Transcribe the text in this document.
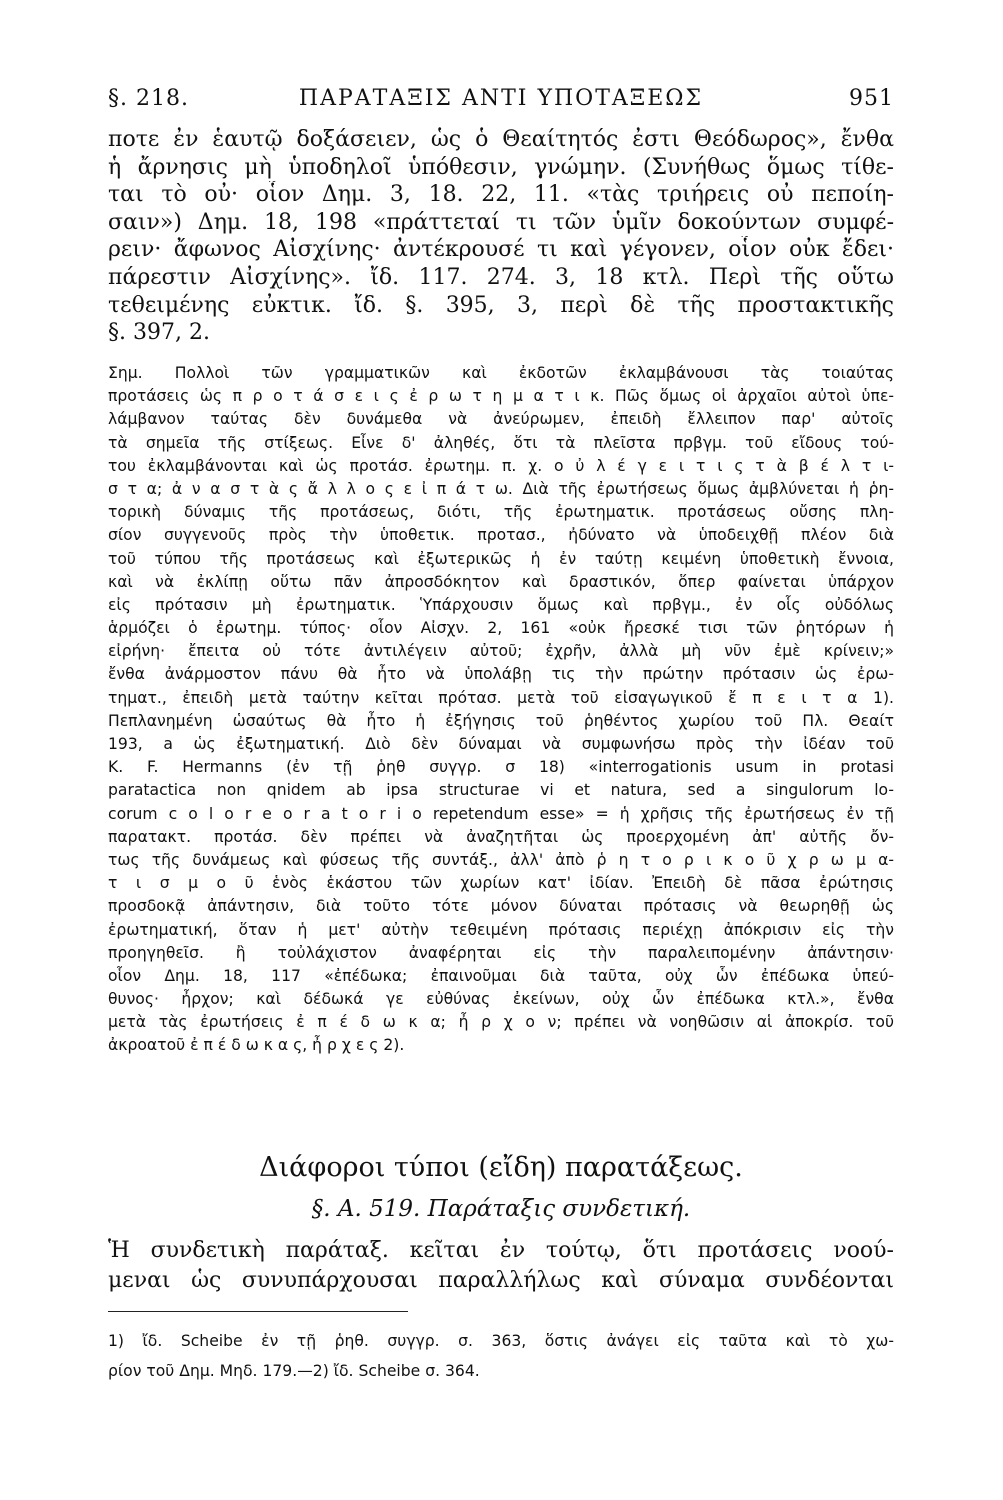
§. 218.	ΠΑΡΑΤΑΞΙΣ ΑΝΤΙ ΥΠΟΤΑΞΕΩΣ	951
ποτε ἐν ἑαυτῷ δοξάσειεν, ὡς ὁ Θεαίτητός ἐστι Θεόδωρος», ἔνθα
ἡ ἄρνησις μὴ ὑποδηλοῖ ὑπόθεσιν, γνώμην. (Συνήθως ὅμως τίθε-
ται τὸ οὐ· οἷον Δημ. 3, 18. 22, 11. «τὰς τριήρεις οὐ πεποίη-
σαιν») Δημ. 18, 198 «πράττεταί τι τῶν ὑμῖν δοκούντων συμφέ-
ρειν· ἄφωνος Αἰσχίνης· ἀντέκρουσέ τι καὶ γέγονεν, οἷον οὐκ ἔδει·
πάρεστιν Αἰσχίνης». ἴδ. 117. 274. 3, 18 κτλ. Περὶ τῆς οὕτω
τεθειμένης εὐκτικ. ἴδ. §. 395, 3, περὶ δὲ τῆς προστακτικῆς
§. 397, 2.
Σημ. Πολλοὶ τῶν γραμματικῶν καὶ ἐκδοτῶν ἐκλαμβάνουσι τὰς τοιαύτας
προτάσεις ὡς π ρ ο τ ά σ ε ι ς ἐ ρ ω τ η μ α τ ι κ. Πῶς ὅμως οἱ ἀρχαῖοι αὐτοὶ ὑπε-
λάμβανον ταύτας δὲν δυνάμεθα νὰ ἀνεύρωμεν, ἐπειδὴ ἔλλειπον παρ' αὐτοῖς
τὰ σημεῖα τῆς στίξεως. Εἶνε δ' ἀληθές, ὅτι τὰ πλεῖστα πρβγμ. τοῦ εἴδους τού-
του ἐκλαμβάνονται καὶ ὡς προτάσ. ἐρωτημ. π. χ. ο ὐ λ έ γ ε ι τ ι ς τ ὰ β έ λ τ ι-
σ τ α; ἀ ν α σ τ ὰ ς ἄ λ λ ο ς ε ἰ π ά τ ω. Διὰ τῆς ἐρωτήσεως ὅμως ἀμβλύνεται ἡ ῥη-
τορικὴ δύναμις τῆς προτάσεως, διότι, τῆς ἐρωτηματικ. προτάσεως οὔσης πλη-
σίον συγγενοῦς πρὸς τὴν ὑποθετικ. προτασ., ἠδύνατο νὰ ὑποδειχθῇ πλέον διὰ
τοῦ τύπου τῆς προτάσεως καὶ ἐξωτερικῶς ἡ ἐν ταύτῃ κειμένη ὑποθετικὴ ἔννοια,
καὶ νὰ ἐκλίπῃ οὕτω πᾶν ἀπροσδόκητον καὶ δραστικόν, ὅπερ φαίνεται ὑπάρχον
εἰς πρότασιν μὴ ἐρωτηματικ. Ὑπάρχουσιν ὅμως καὶ πρβγμ., ἐν οἷς οὐδόλως
ἁρμόζει ὁ ἐρωτημ. τύπος· οἷον Αἰσχν. 2, 161 «οὐκ ἤρεσκέ τισι τῶν ῥητόρων ἡ
εἰρήνη· ἔπειτα οὐ τότε ἀντιλέγειν αὐτοῦ; ἐχρῆν, ἀλλὰ μὴ νῦν ἐμὲ κρίνειν;»
ἔνθα ἀνάρμοστον πάνυ θὰ ἦτο νὰ ὑπολάβῃ τις τὴν πρώτην πρότασιν ὡς ἐρω-
τηματ., ἐπειδὴ μετὰ ταύτην κεῖται πρότασ. μετὰ τοῦ εἰσαγωγικοῦ ἔ π ε ι τ α 1).
Πεπλανημένη ὡσαύτως θὰ ἦτο ἡ ἐξήγησις τοῦ ῥηθέντος χωρίου τοῦ Πλ. Θεαίτ
193, a ὡς ἐξωτηματική. Διὸ δὲν δύναμαι νὰ συμφωνήσω πρὸς τὴν ἰδέαν τοῦ
K. F. Hermanns (ἐν τῇ ῥηθ συγγρ. σ 18) «interrogationis usum in protasi
paratactica non qnidem ab ipsa structurae vi et natura, sed a singulorum lo-
corum c o l o r e o r a t o r i o repetendum esse» = ἡ χρῆσις τῆς ἐρωτήσεως ἐν τῇ
παρατακτ. προτάσ. δὲν πρέπει νὰ ἀναζητῆται ὡς προερχομένη ἀπ' αὐτῆς ὄν-
τως τῆς δυνάμεως καὶ φύσεως τῆς συντάξ., ἀλλ' ἀπὸ ῥ η τ ο ρ ι κ ο ῦ χ ρ ω μ α-
τ ι σ μ ο ῦ ἑνὸς ἑκάστου τῶν χωρίων κατ' ἰδίαν. Ἐπειδὴ δὲ πᾶσα ἐρώτησις
προσδοκᾷ ἀπάντησιν, διὰ τοῦτο τότε μόνον δύναται πρότασις νὰ θεωρηθῇ ὡς
ἐρωτηματική, ὅταν ἡ μετ' αὐτὴν τεθειμένη πρότασις περιέχῃ ἀπόκρισιν εἰς τὴν
προηγηθεῖσ. ἢ τοὐλάχιστον ἀναφέρηται εἰς τὴν παραλειπομένην ἀπάντησιν·
οἷον Δημ. 18, 117 «ἐπέδωκα; ἐπαινοῦμαι διὰ ταῦτα, οὐχ ὧν ἐπέδωκα ὑπεύ-
θυνος· ἦρχον; καὶ δέδωκά γε εὐθύνας ἐκείνων, οὐχ ὧν ἐπέδωκα κτλ.», ἔνθα
μετὰ τὰς ἐρωτήσεις ἐ π έ δ ω κ α; ἦ ρ χ ο ν; πρέπει νὰ νοηθῶσιν αἱ ἀποκρίσ. τοῦ
ἀκροατοῦ ἐ π έ δ ω κ α ς, ἦ ρ χ ε ς 2).
Διάφοροι τύποι (εἴδη) παρατάξεως.
§. Α. 519. Παράταξις συνδετική.
Ἡ συνδετικὴ παράταξ. κεῖται ἐν τούτῳ, ὅτι προτάσεις νοού-
μεναι ὡς συνυπάρχουσαι παραλλήλως καὶ σύναμα συνδέονται
1) ἴδ. Scheibe ἐν τῇ ῥηθ. συγγρ. σ. 363, ὅστις ἀνάγει εἰς ταῦτα καὶ τὸ χω-
ρίον τοῦ Δημ. Μηδ. 179.—2) ἴδ. Scheibe σ. 364.
